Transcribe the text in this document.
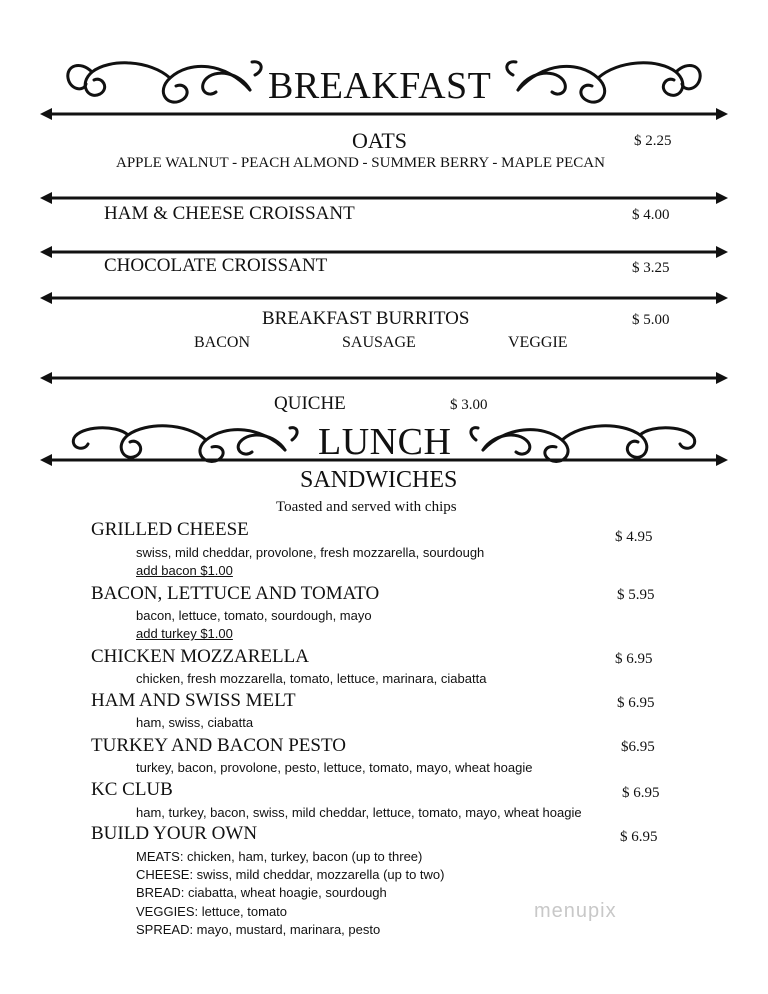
BREAKFAST
OATS	$ 2.25
APPLE WALNUT - PEACH ALMOND - SUMMER BERRY - MAPLE PECAN
HAM & CHEESE CROISSANT	$ 4.00
CHOCOLATE CROISSANT	$ 3.25
BREAKFAST BURRITOS	$ 5.00
BACON	SAUSAGE	VEGGIE
QUICHE	$ 3.00
LUNCH
SANDWICHES
Toasted and served with chips
GRILLED CHEESE	$ 4.95
swiss, mild cheddar, provolone, fresh mozzarella, sourdough
add bacon $1.00
BACON, LETTUCE AND TOMATO	$ 5.95
bacon, lettuce, tomato, sourdough, mayo
add turkey $1.00
CHICKEN MOZZARELLA	$ 6.95
chicken, fresh mozzarella, tomato, lettuce, marinara, ciabatta
HAM AND SWISS MELT	$ 6.95
ham, swiss, ciabatta
TURKEY AND BACON PESTO	$6.95
turkey, bacon, provolone, pesto, lettuce, tomato, mayo, wheat hoagie
KC CLUB	$ 6.95
ham, turkey, bacon, swiss, mild cheddar, lettuce, tomato, mayo, wheat hoagie
BUILD YOUR OWN	$ 6.95
MEATS: chicken, ham, turkey, bacon (up to three)
CHEESE: swiss, mild cheddar, mozzarella (up to two)
BREAD: ciabatta, wheat hoagie, sourdough
VEGGIES: lettuce, tomato
SPREAD: mayo, mustard, marinara, pesto
menupix
